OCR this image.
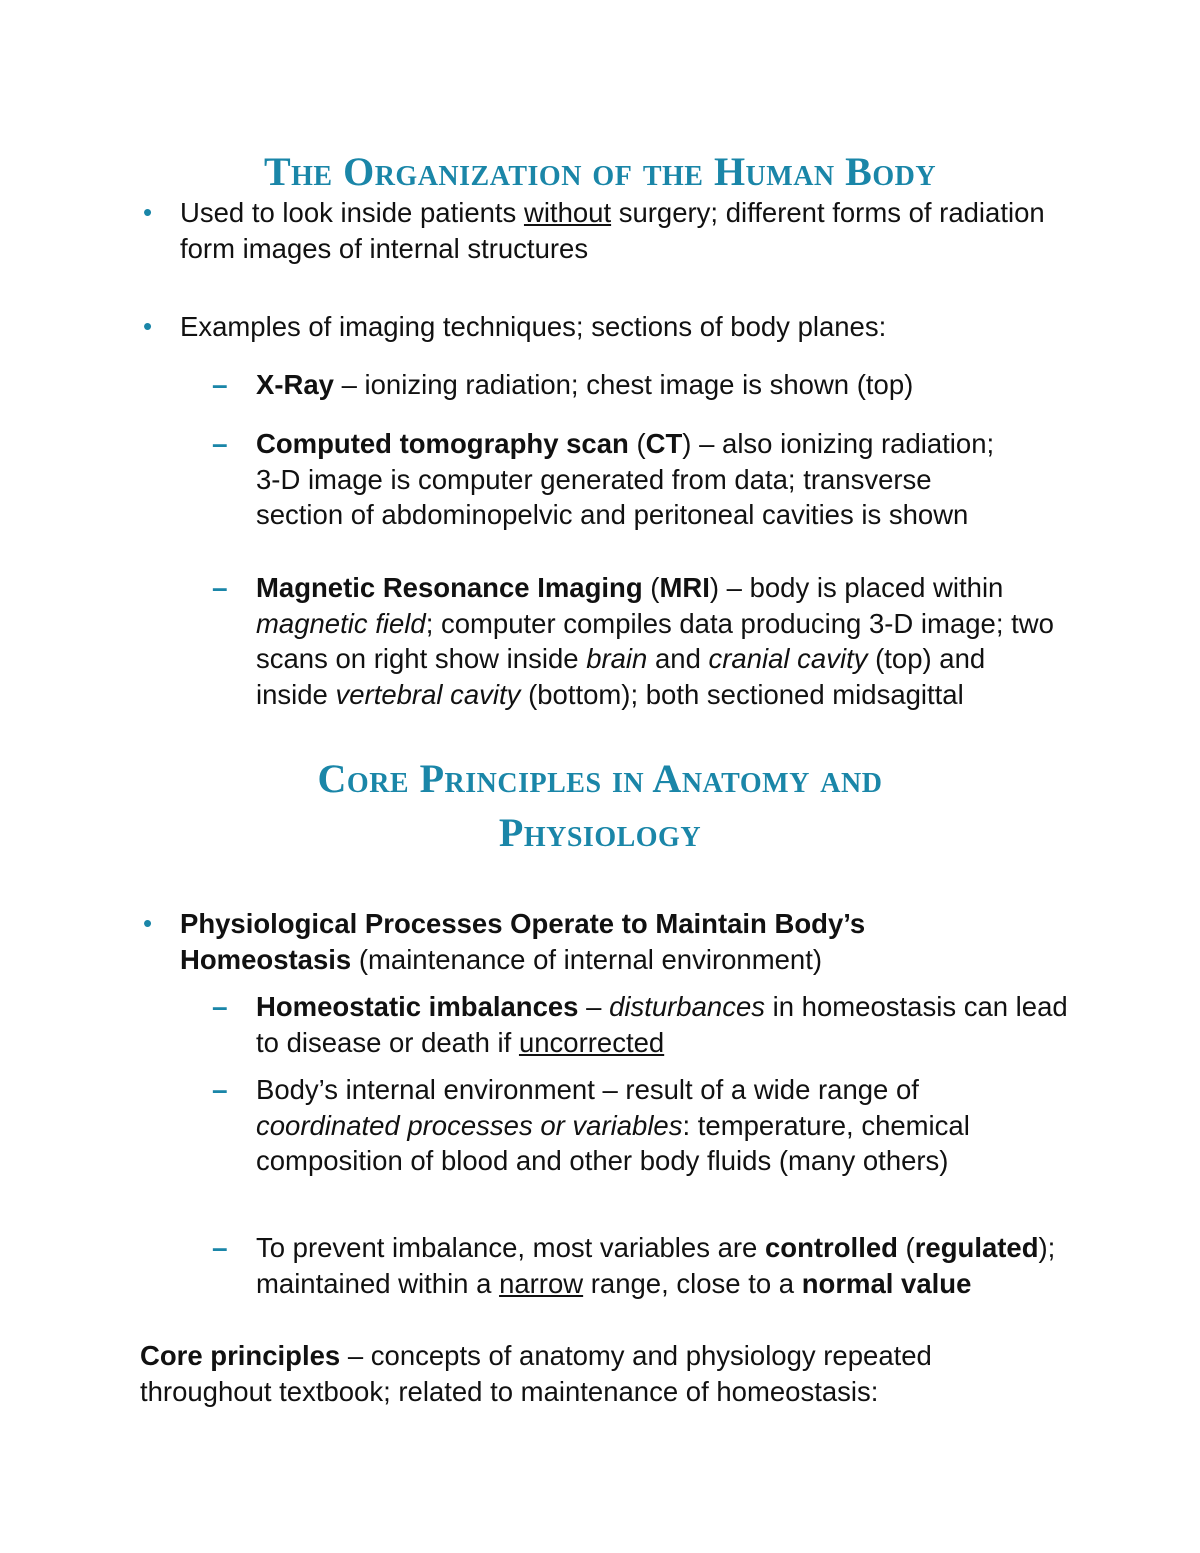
The Organization of the Human Body
• Used to look inside patients without surgery; different forms of radiation form images of internal structures

• Examples of imaging techniques; sections of body planes:

– X-Ray – ionizing radiation; chest image is shown (top)

– Computed tomography scan (CT) – also ionizing radiation; 3-D image is computer generated from data; transverse section of abdominopelvic and peritoneal cavities is shown

– Magnetic Resonance Imaging (MRI) – body is placed within magnetic field; computer compiles data producing 3-D image; two scans on right show inside brain and cranial cavity (top) and inside vertebral cavity (bottom); both sectioned midsagittal

Core Principles in Anatomy and
Physiology
• Physiological Processes Operate to Maintain Body’s Homeostasis (maintenance of internal environment)

– Homeostatic imbalances – disturbances in homeostasis can lead to disease or death if uncorrected

– Body’s internal environment – result of a wide range of coordinated processes or variables: temperature, chemical composition of blood and other body fluids (many others)

– To prevent imbalance, most variables are controlled (regulated); maintained within a narrow range, close to a normal value

Core principles – concepts of anatomy and physiology repeated throughout textbook; related to maintenance of homeostasis:
